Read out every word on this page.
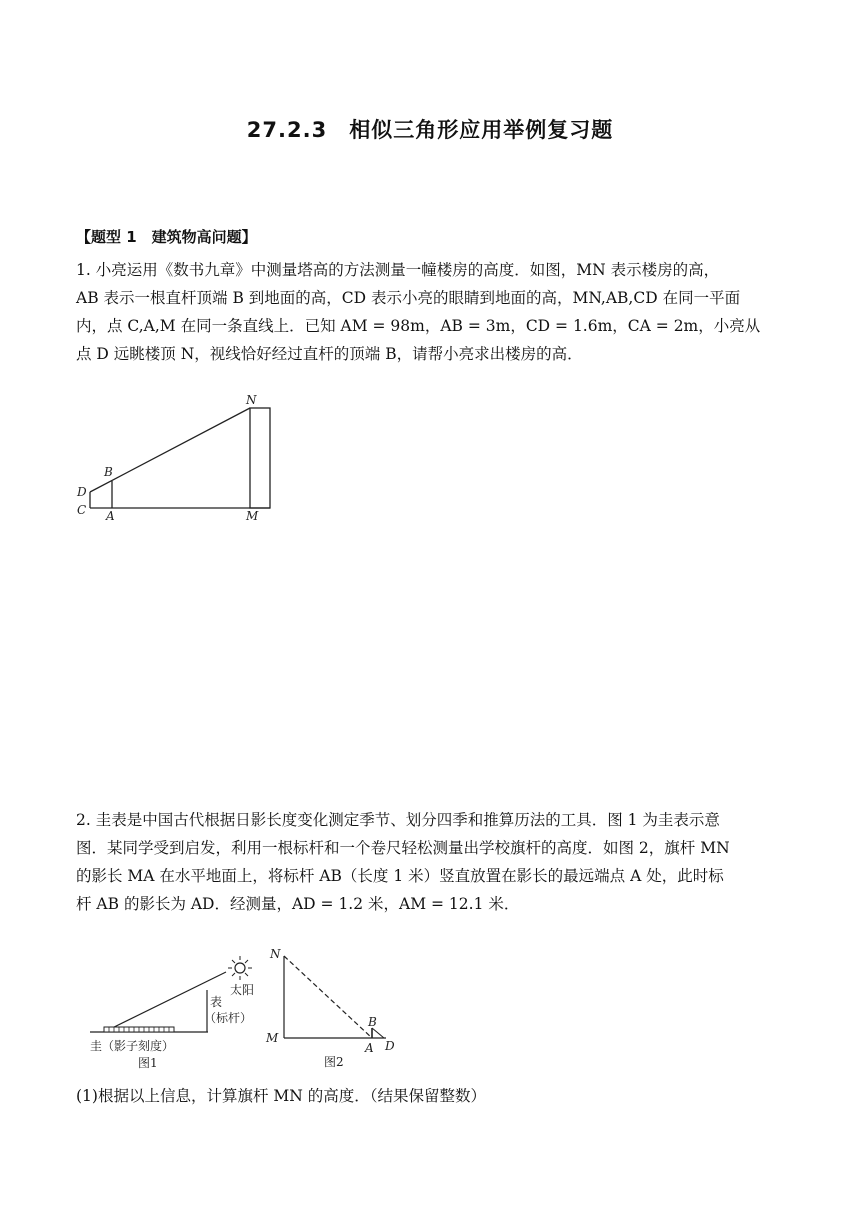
27.2.3　相似三角形应用举例复习题
【题型 1　建筑物高问题】

1. 小亮运用《数书九章》中测量塔高的方法测量一幢楼房的高度．如图，MN 表示楼房的高，

AB 表示一根直杆顶端 B 到地面的高，CD 表示小亮的眼睛到地面的高，MN,AB,CD 在同一平面

内，点 C,A,M 在同一条直线上．已知 AM = 98m，AB = 3m，CD = 1.6m，CA = 2m，小亮从

点 D 远眺楼顶 N，视线恰好经过直杆的顶端 B，请帮小亮求出楼房的高．

N
B
D
C A	M

2. 圭表是中国古代根据日影长度变化测定季节、划分四季和推算历法的工具．图 1 为圭表示意

图．某同学受到启发，利用一根标杆和一个卷尺轻松测量出学校旗杆的高度．如图 2，旗杆 MN

的影长 MA 在水平地面上，将标杆 AB（长度 1 米）竖直放置在影长的最远端点 A 处，此时标

杆 AB 的影长为 AD．经测量，AD = 1.2 米，AM = 12.1 米．

太阳
表
（标杆）
圭（影子刻度）
图1
N
M
B
A D
图2
(1)根据以上信息，计算旗杆 MN 的高度．（结果保留整数）
